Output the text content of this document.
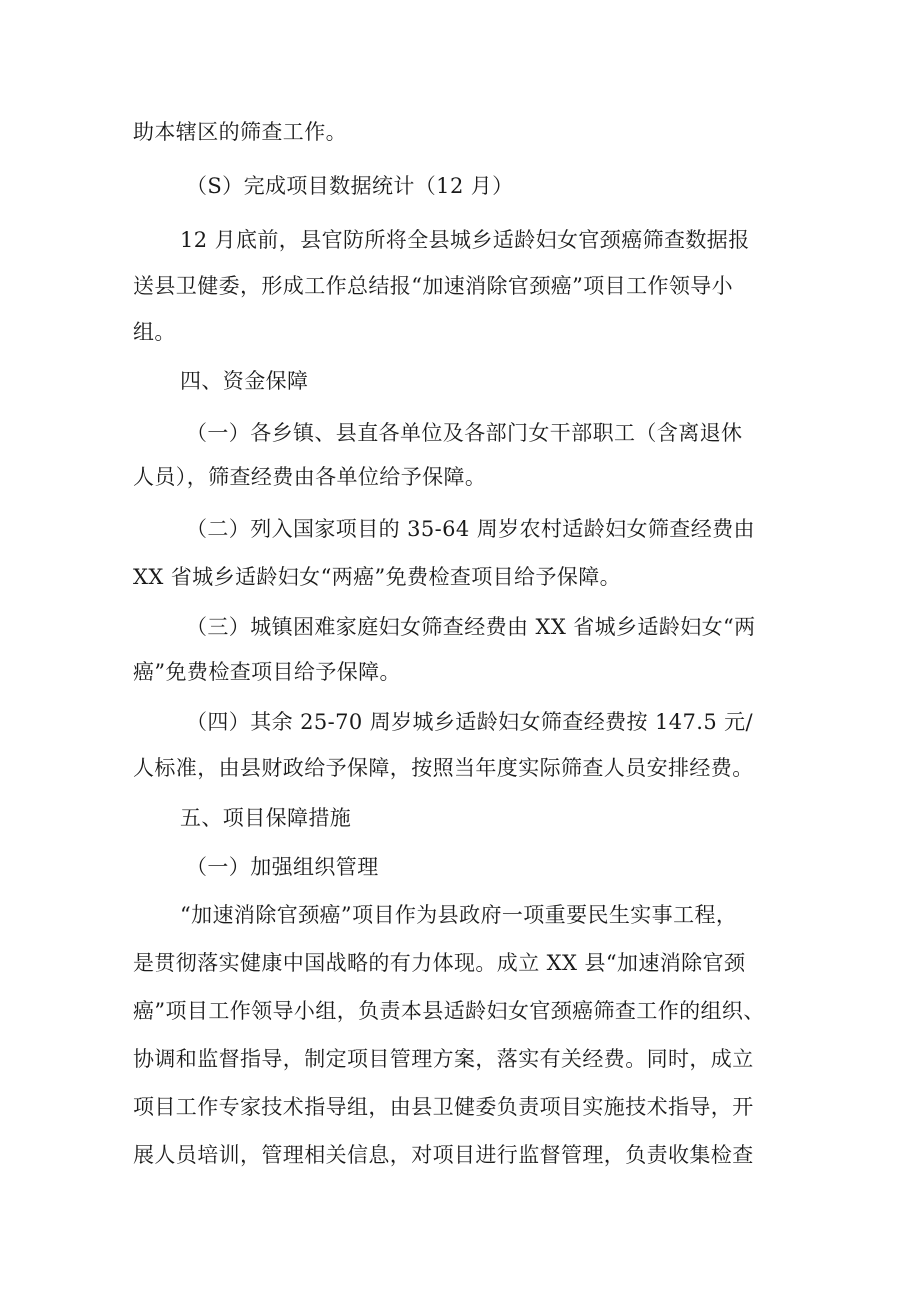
助本辖区的筛查工作。
（S）完成项目数据统计（12 月）
12 月底前，县官防所将全县城乡适龄妇女官颈癌筛查数据报
送县卫健委，形成工作总结报“加速消除官颈癌”项目工作领导小
组。
四、资金保障
（一）各乡镇、县直各单位及各部门女干部职工（含离退休
人员），筛查经费由各单位给予保障。
（二）列入国家项目的 35-64 周岁农村适龄妇女筛查经费由
XX 省城乡适龄妇女“两癌”免费检查项目给予保障。
（三）城镇困难家庭妇女筛查经费由 XX 省城乡适龄妇女“两
癌”免费检查项目给予保障。
（四）其余 25-70 周岁城乡适龄妇女筛查经费按 147.5 元/
人标准，由县财政给予保障，按照当年度实际筛查人员安排经费。
五、项目保障措施
（一）加强组织管理
“加速消除官颈癌”项目作为县政府一项重要民生实事工程，
是贯彻落实健康中国战略的有力体现。成立 XX 县“加速消除官颈
癌”项目工作领导小组，负责本县适龄妇女官颈癌筛查工作的组织、
协调和监督指导，制定项目管理方案，落实有关经费。同时，成立
项目工作专家技术指导组，由县卫健委负责项目实施技术指导，开
展人员培训，管理相关信息，对项目进行监督管理，负责收集检查
